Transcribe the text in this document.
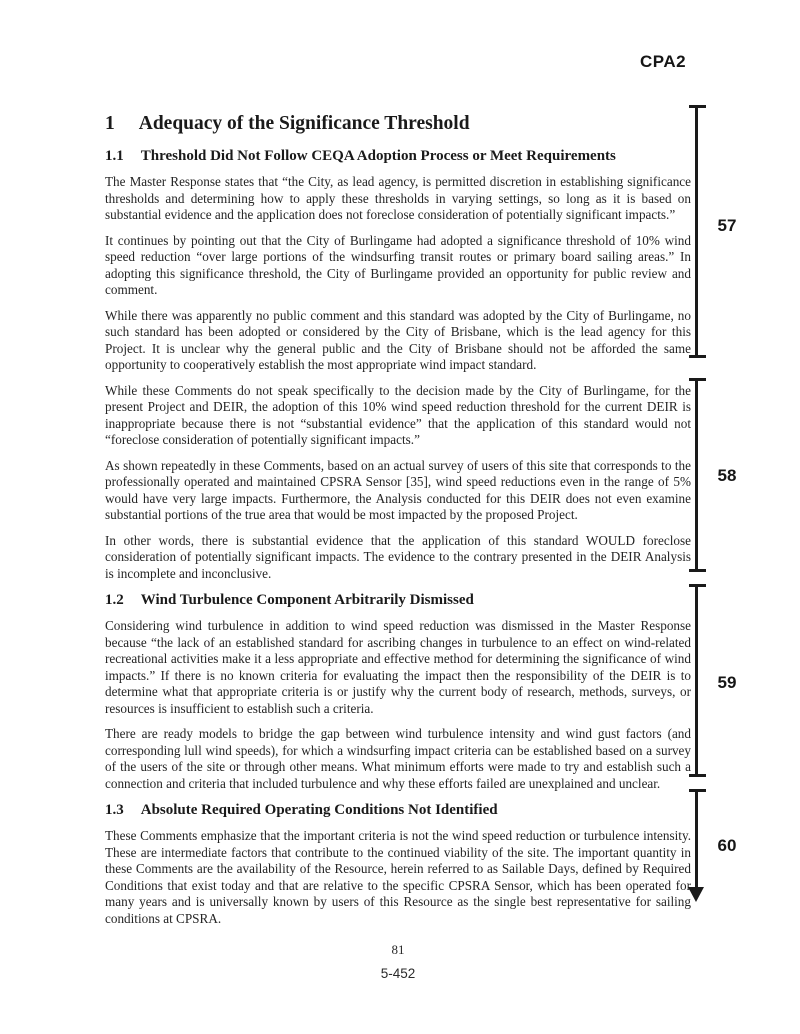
CPA2
1 Adequacy of the Significance Threshold
1.1 Threshold Did Not Follow CEQA Adoption Process or Meet Requirements

The Master Response states that “the City, as lead agency, is permitted discretion in establishing significance thresholds and determining how to apply these thresholds in varying settings, so long as it is based on substantial evidence and the application does not foreclose consideration of potentially significant impacts.”

It continues by pointing out that the City of Burlingame had adopted a significance threshold of 10% wind speed reduction “over large portions of the windsurfing transit routes or primary board sailing areas.” In adopting this significance threshold, the City of Burlingame provided an opportunity for public review and comment.

While there was apparently no public comment and this standard was adopted by the City of Burlingame, no such standard has been adopted or considered by the City of Brisbane, which is the lead agency for this Project. It is unclear why the general public and the City of Brisbane should not be afforded the same opportunity to cooperatively establish the most appropriate wind impact standard.

While these Comments do not speak specifically to the decision made by the City of Burlingame, for the present Project and DEIR, the adoption of this 10% wind speed reduction threshold for the current DEIR is inappropriate because there is not “substantial evidence” that the application of this standard would not “foreclose consideration of potentially significant impacts.”

As shown repeatedly in these Comments, based on an actual survey of users of this site that corresponds to the professionally operated and maintained CPSRA Sensor [35], wind speed reductions even in the range of 5% would have very large impacts. Furthermore, the Analysis conducted for this DEIR does not even examine substantial portions of the true area that would be most impacted by the proposed Project.

In other words, there is substantial evidence that the application of this standard WOULD foreclose consideration of potentially significant impacts. The evidence to the contrary presented in the DEIR Analysis is incomplete and inconclusive.

1.2 Wind Turbulence Component Arbitrarily Dismissed

Considering wind turbulence in addition to wind speed reduction was dismissed in the Master Response because “the lack of an established standard for ascribing changes in turbulence to an effect on wind-related recreational activities make it a less appropriate and effective method for determining the significance of wind impacts.” If there is no known criteria for evaluating the impact then the responsibility of the DEIR is to determine what that appropriate criteria is or justify why the current body of research, methods, surveys, or resources is insufficient to establish such a criteria.

There are ready models to bridge the gap between wind turbulence intensity and wind gust factors (and corresponding lull wind speeds), for which a windsurfing impact criteria can be established based on a survey of the users of the site or through other means. What minimum efforts were made to try and establish such a connection and criteria that included turbulence and why these efforts failed are unexplained and unclear.

1.3 Absolute Required Operating Conditions Not Identified

These Comments emphasize that the important criteria is not the wind speed reduction or turbulence intensity. These are intermediate factors that contribute to the continued viability of the site. The important quantity in these Comments are the availability of the Resource, herein referred to as Sailable Days, defined by Required Conditions that exist today and that are relative to the specific CPSRA Sensor, which has been operated for many years and is universally known by users of this Resource as the single best representative for sailing conditions at CPSRA.

57
58
59
60
81
5-452
